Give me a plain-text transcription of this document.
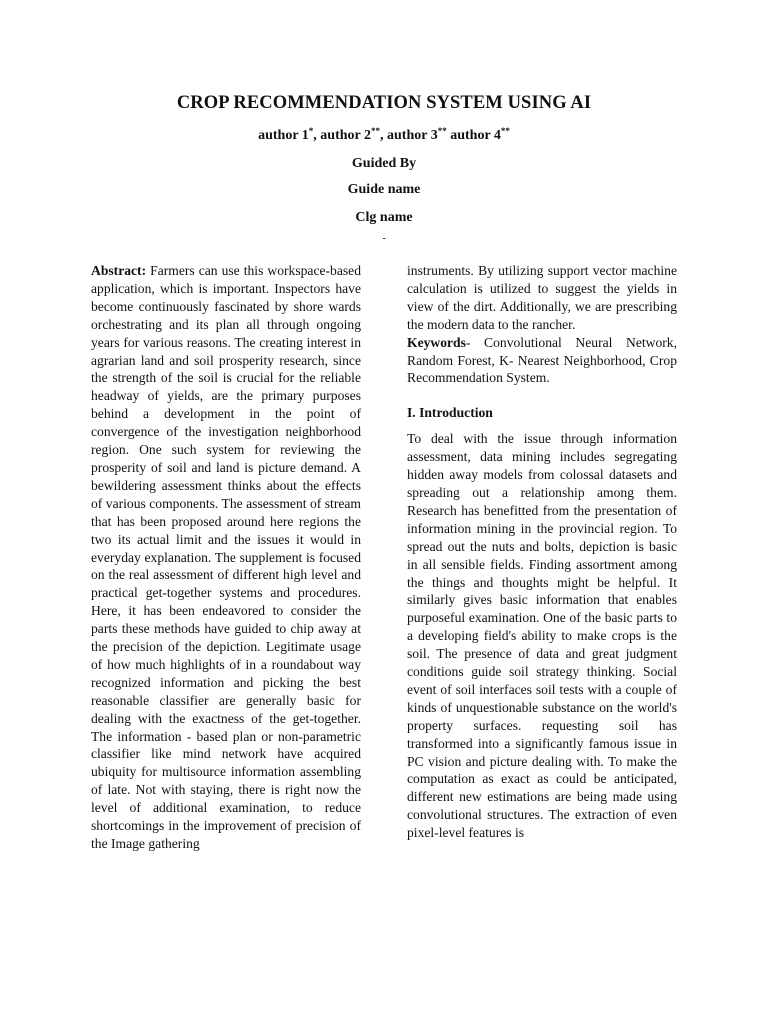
CROP RECOMMENDATION SYSTEM USING AI
author 1*, author 2**, author 3** author 4**
Guided By
Guide name
Clg name
-

Abstract: Farmers can use this workspace-based application, which is important. Inspectors have become continuously fascinated by shore wards orchestrating and its plan all through ongoing years for various reasons. The creating interest in agrarian land and soil prosperity research, since the strength of the soil is crucial for the reliable headway of yields, are the primary purposes behind a development in the point of convergence of the investigation neighborhood region. One such system for reviewing the prosperity of soil and land is picture demand. A bewildering assessment thinks about the effects of various components. The assessment of stream that has been proposed around here regions the two its actual limit and the issues it would in everyday explanation. The supplement is focused on the real assessment of different high level and practical get-together systems and procedures. Here, it has been endeavored to consider the parts these methods have guided to chip away at the precision of the depiction. Legitimate usage of how much highlights of in a roundabout way recognized information and picking the best reasonable classifier are generally basic for dealing with the exactness of the get-together. The information - based plan or non-parametric classifier like mind network have acquired ubiquity for multisource information assembling of late. Not with staying, there is right now the level of additional examination, to reduce shortcomings in the improvement of precision of the Image gathering

instruments. By utilizing support vector machine calculation is utilized to suggest the yields in view of the dirt. Additionally, we are prescribing the modern data to the rancher.

Keywords- Convolutional Neural Network, Random Forest, K- Nearest Neighborhood, Crop Recommendation System.

I. Introduction

To deal with the issue through information assessment, data mining includes segregating hidden away models from colossal datasets and spreading out a relationship among them. Research has benefitted from the presentation of information mining in the provincial region. To spread out the nuts and bolts, depiction is basic in all sensible fields. Finding assortment among the things and thoughts might be helpful. It similarly gives basic information that enables purposeful examination. One of the basic parts to a developing field's ability to make crops is the soil. The presence of data and great judgment conditions guide soil strategy thinking. Social event of soil interfaces soil tests with a couple of kinds of unquestionable substance on the world's property surfaces. requesting soil has transformed into a significantly famous issue in PC vision and picture dealing with. To make the computation as exact as could be anticipated, different new estimations are being made using convolutional structures. The extraction of even pixel-level features is
